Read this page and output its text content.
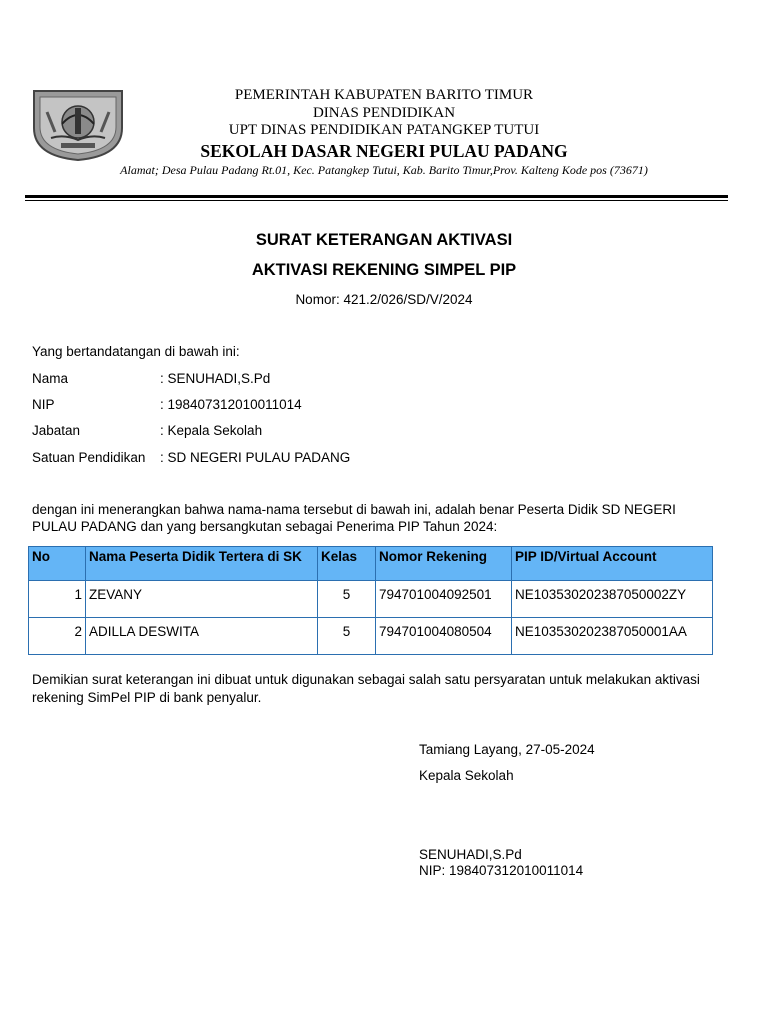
PEMERINTAH KABUPATEN BARITO TIMUR
DINAS PENDIDIKAN
UPT DINAS PENDIDIKAN PATANGKEP TUTUI
SEKOLAH DASAR NEGERI PULAU PADANG
Alamat; Desa Pulau Padang Rt.01, Kec. Patangkep Tutui, Kab. Barito Timur,Prov. Kalteng Kode pos (73671)
SURAT KETERANGAN AKTIVASI
AKTIVASI REKENING SIMPEL PIP
Nomor: 421.2/026/SD/V/2024
Yang bertandatangan di bawah ini:
Nama	: SENUHADI,S.Pd
NIP	: 198407312010011014
Jabatan	: Kepala Sekolah
Satuan Pendidikan : SD NEGERI PULAU PADANG
dengan ini menerangkan bahwa nama-nama tersebut di bawah ini, adalah benar Peserta Didik SD NEGERI
PULAU PADANG dan yang bersangkutan sebagai Penerima PIP Tahun 2024:
No	Nama Peserta Didik Tertera di SK	Kelas	Nomor Rekening	PIP ID/Virtual Account
1	ZEVANY	5	794701004092501	NE103530202387050002ZY
2	ADILLA DESWITA	5	794701004080504	NE103530202387050001AA
Demikian surat keterangan ini dibuat untuk digunakan sebagai salah satu persyaratan untuk melakukan aktivasi
rekening SimPel PIP di bank penyalur.
Tamiang Layang, 27-05-2024
Kepala Sekolah
SENUHADI,S.Pd
NIP: 198407312010011014
